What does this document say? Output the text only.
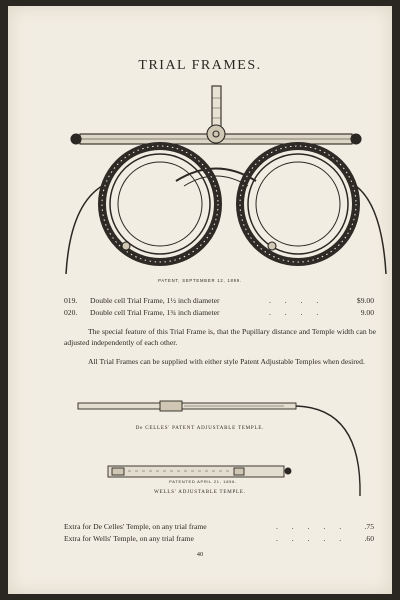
TRIAL FRAMES.
PATENT, SEPTEMBER 12, 1899.
019. Double cell Trial Frame, 1½ inch diameter	. . . .	$9.00
020. Double cell Trial Frame, 1¾ inch diameter	. . . .	9.00
The special feature of this Trial Frame is, that the Pupillary distance and Temple width can be adjusted independently of each other.
All Trial Frames can be supplied with either style Patent Adjustable Temples when desired.
De CELLES' PATENT ADJUSTABLE TEMPLE.
PATENTED APRIL 21, 1896.
WELLS' ADJUSTABLE TEMPLE.
Extra for De Celles' Temple, on any trial frame	. . . . . .75
Extra for Wells' Temple, on any trial frame	. . . . . .60
40
